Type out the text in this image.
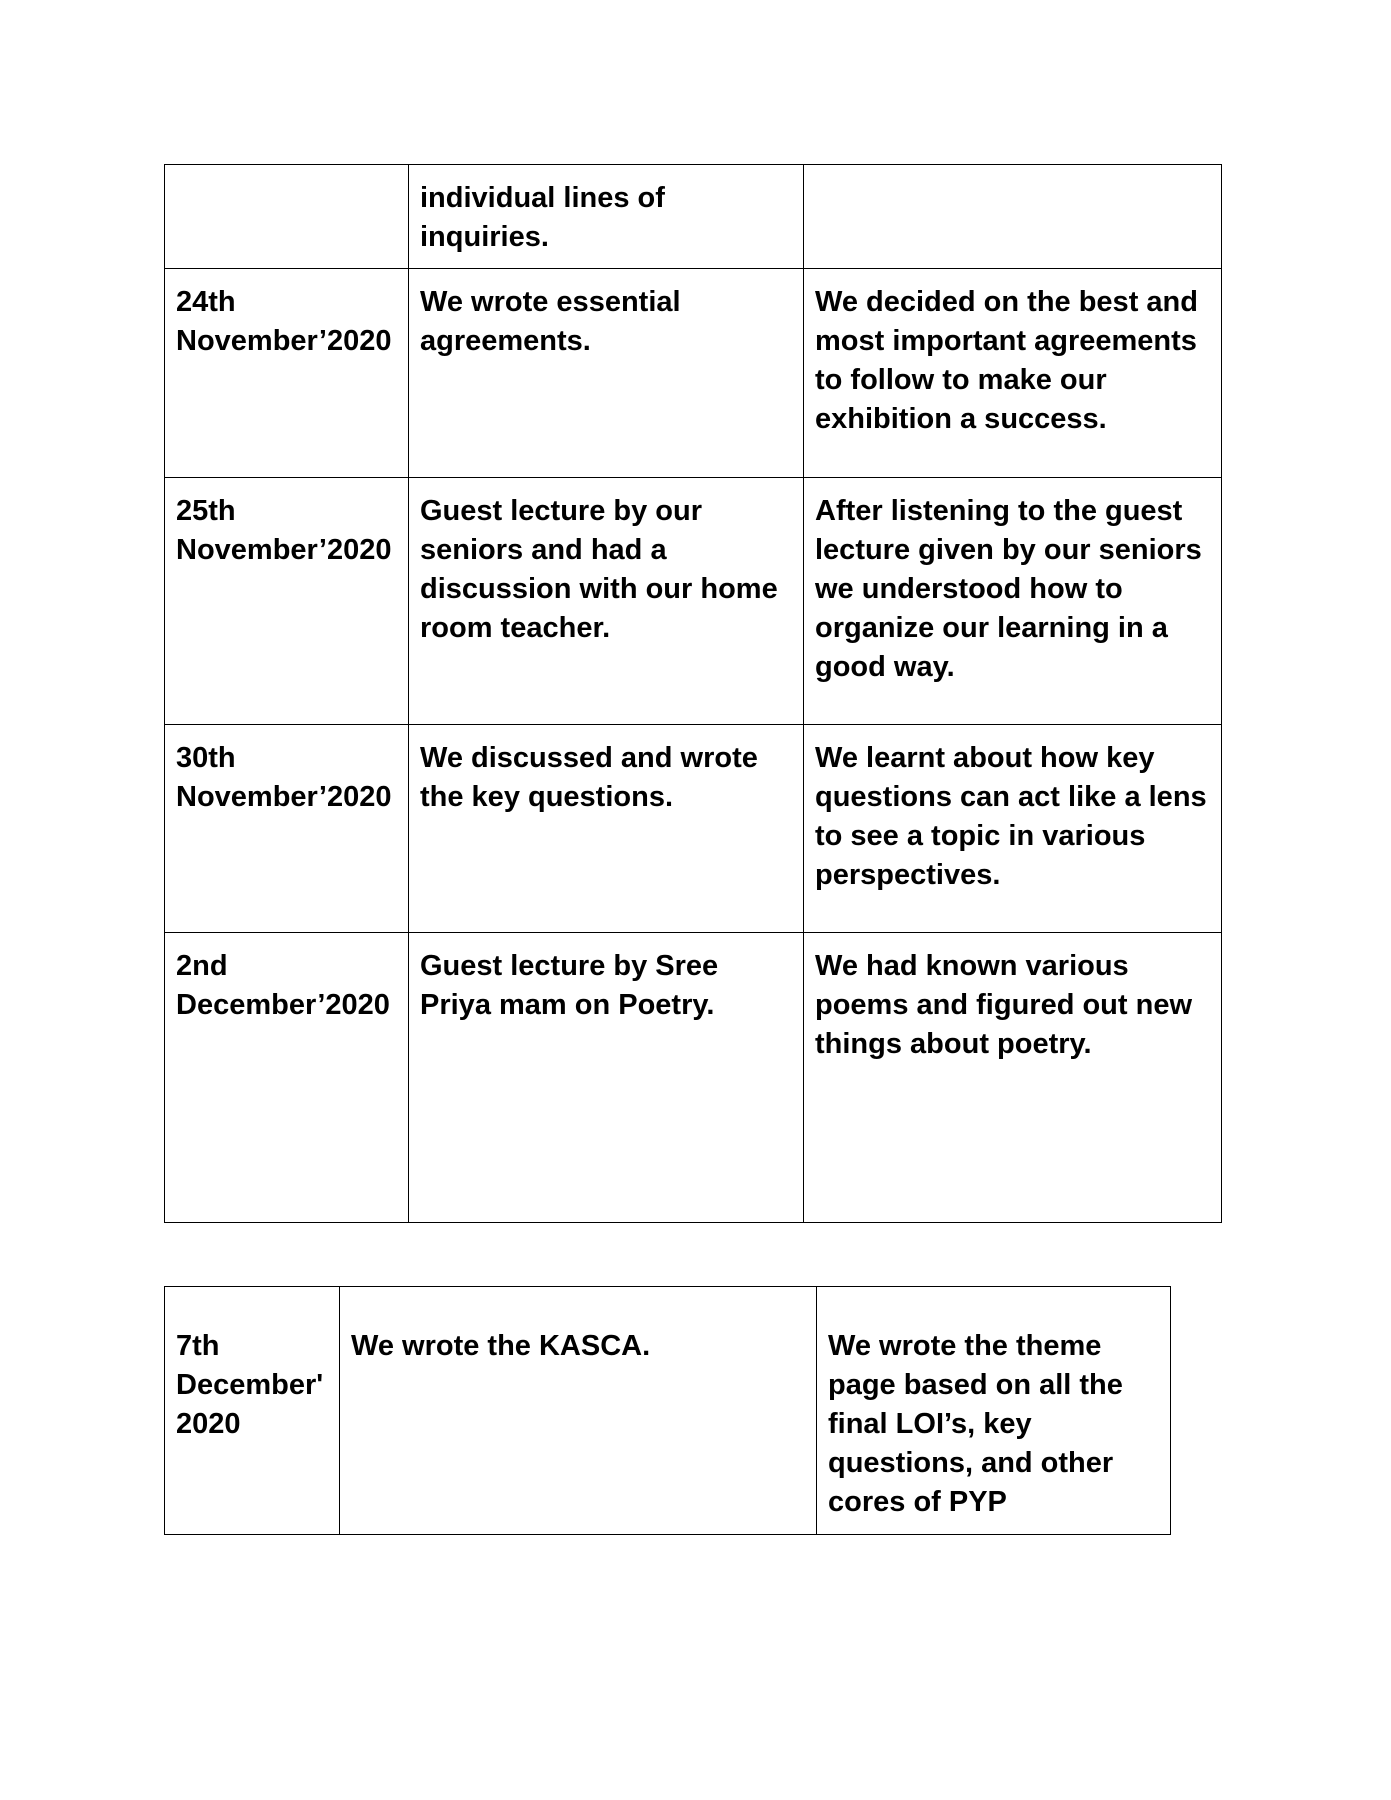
	individual lines of inquiries.	
24th November’2020	We wrote essential agreements.	We decided on the best and most important agreements to follow to make our exhibition a success.
25th November’2020	Guest lecture by our seniors and had a discussion with our home room teacher.	After listening to the guest lecture given by our seniors we understood how to organize our learning in a good way.
30th November’2020	We discussed and wrote the key questions.	We learnt about how key questions can act like a lens to see a topic in various perspectives.
2nd December’2020	Guest lecture by Sree Priya mam on Poetry.	We had known various poems and figured out new things about poetry.
7th December' 2020	We wrote the KASCA.	We wrote the theme page based on all the final LOI’s, key questions, and other cores of PYP
